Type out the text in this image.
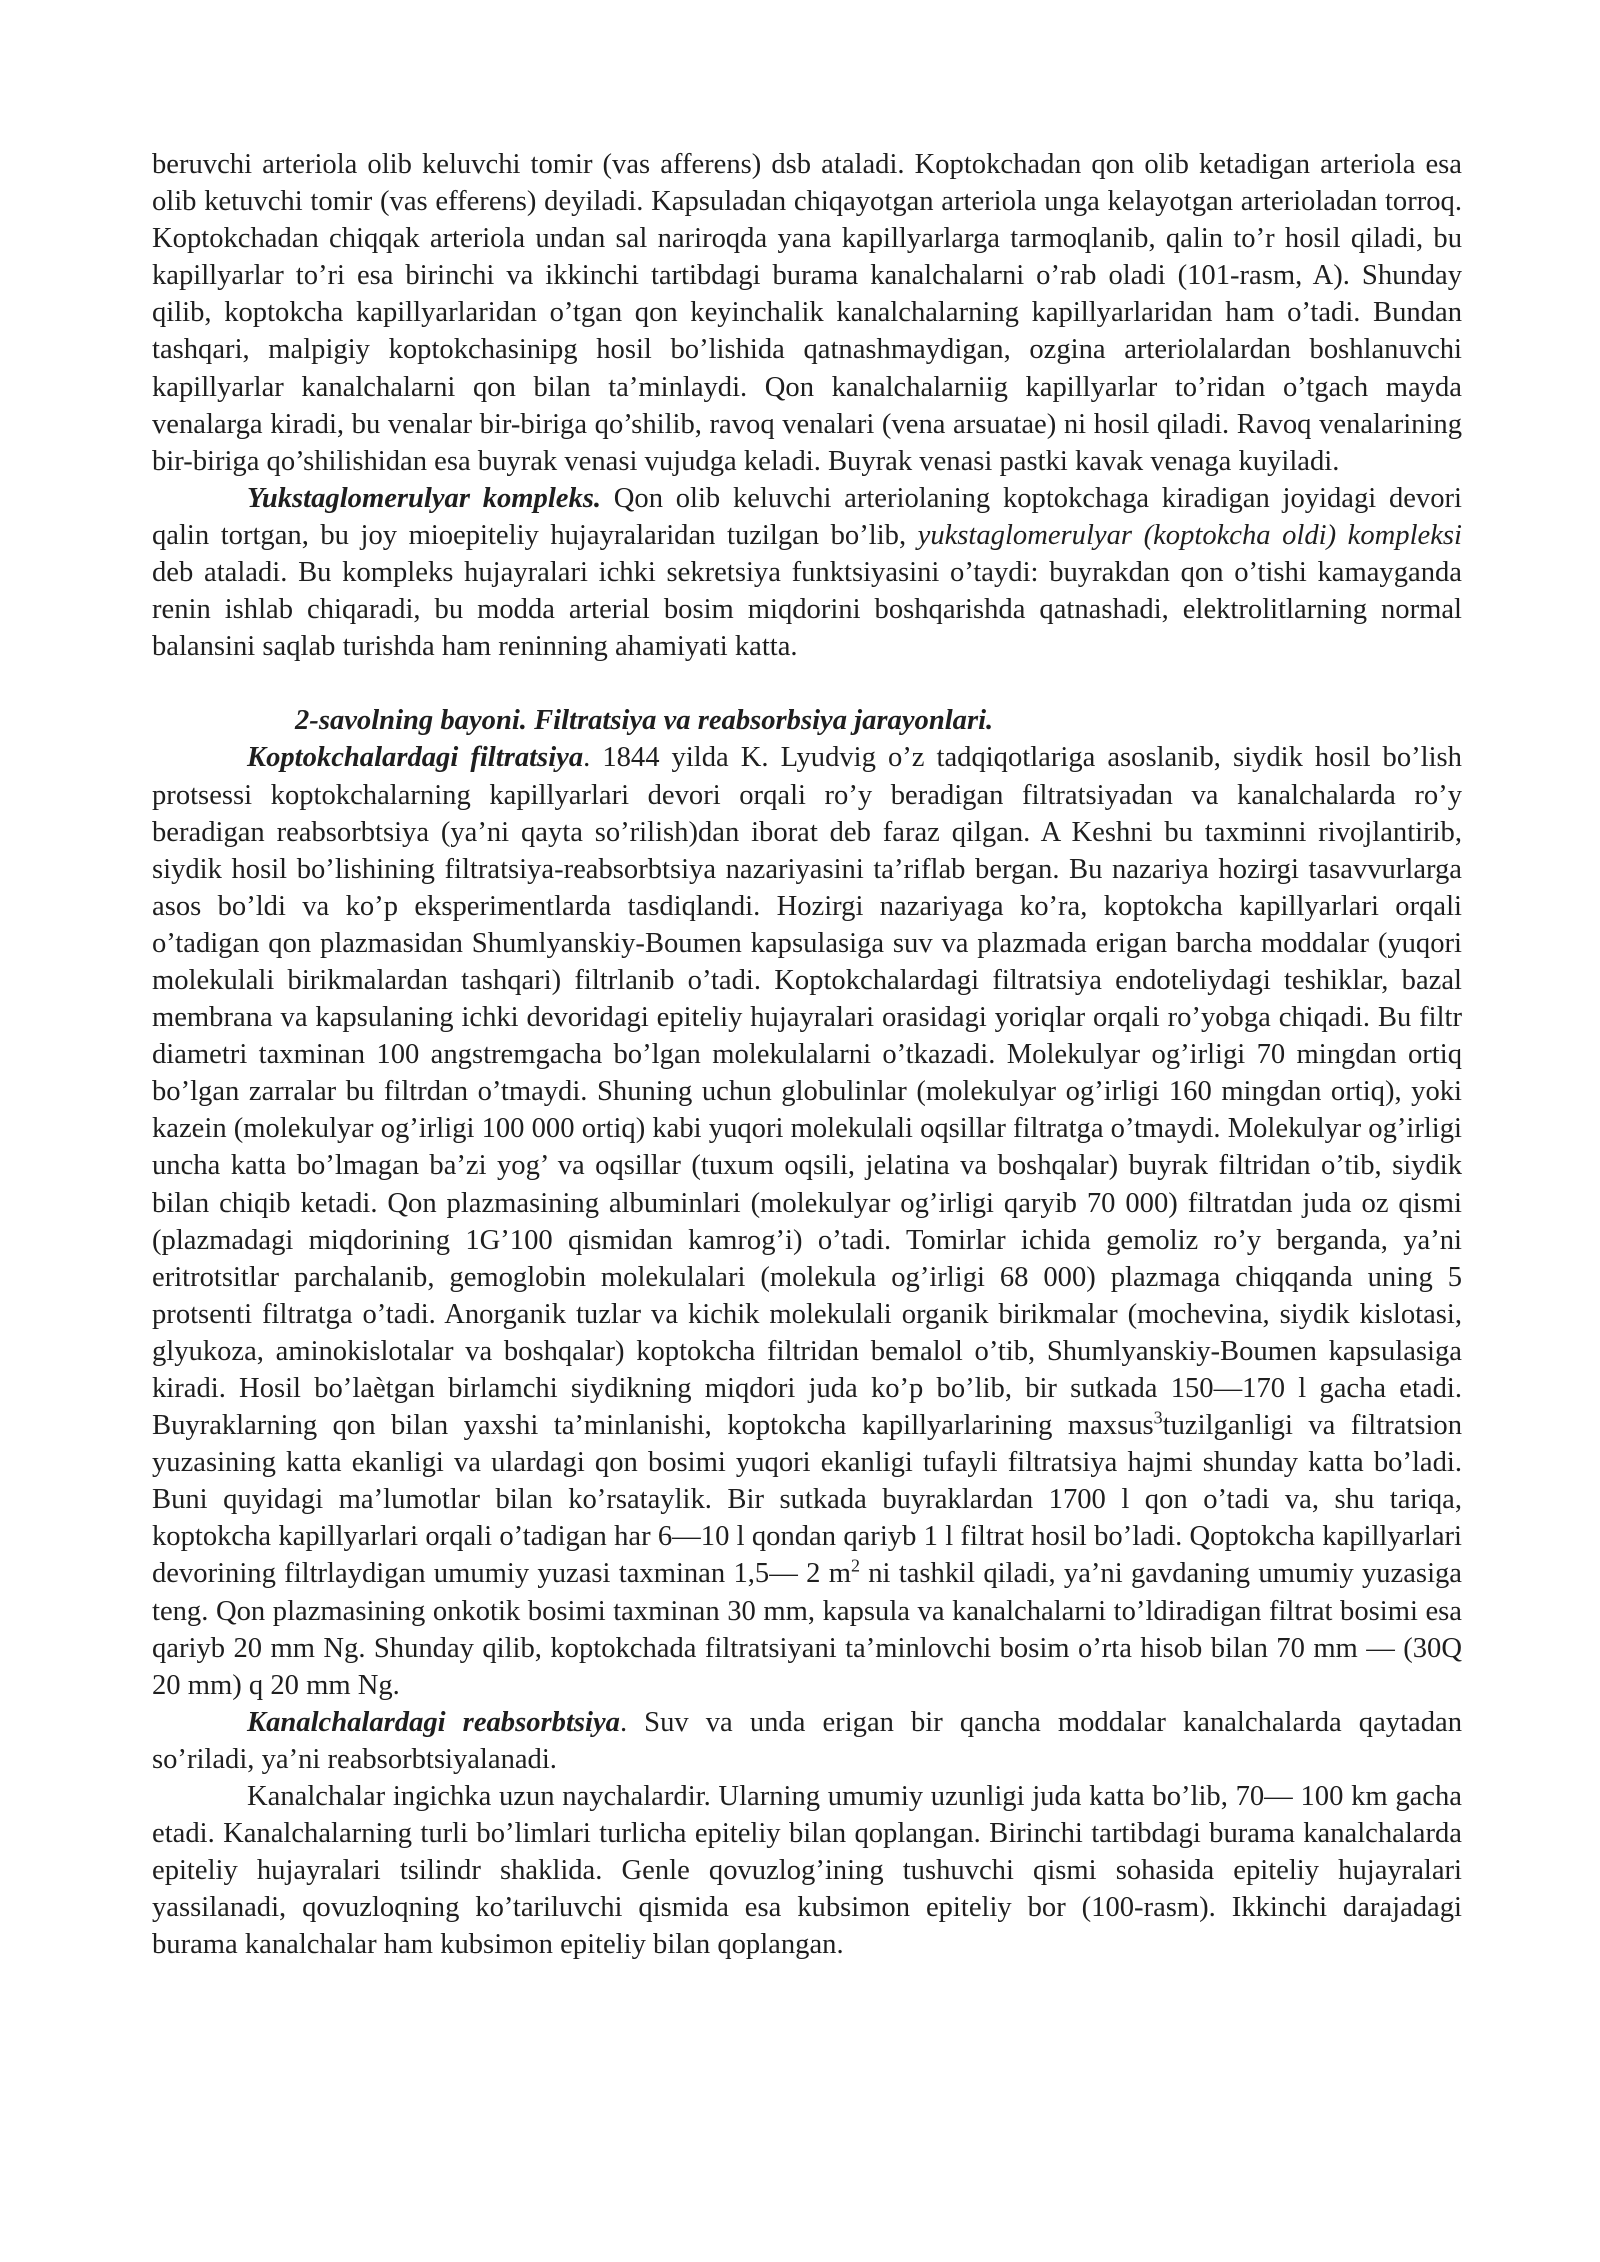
beruvchi arteriola olib keluvchi tomir (vas afferens) dsb ataladi. Koptokchadan qon olib ketadigan arteriola esa olib ketuvchi tomir (vas efferens) deyiladi. Kapsuladan chiqayotgan arteriola unga kelayotgan arterioladan torroq. Koptokchadan chiqqak arteriola undan sal nariroqda yana kapillyarlarga tarmoqlanib, qalin to’r hosil qiladi, bu kapillyarlar to’ri esa birinchi va ikkinchi tartibdagi burama kanalchalarni o’rab oladi (101-rasm, A). Shunday qilib, koptokcha kapillyarlaridan o’tgan qon keyinchalik kanalchalarning kapillyarlaridan ham o’tadi. Bundan tashqari, malpigiy koptokchasinipg hosil bo’lishida qatnashmaydigan, ozgina arteriolalardan boshlanuvchi kapillyarlar kanalchalarni qon bilan ta’minlaydi. Qon kanalchalarniig kapillyarlar to’ridan o’tgach mayda venalarga kiradi, bu venalar bir-biriga qo’shilib, ravoq venalari (vena arsuatae) ni hosil qiladi. Ravoq venalarining bir-biriga qo’shilishidan esa buyrak venasi vujudga keladi. Buyrak venasi pastki kavak venaga kuyiladi.

Yukstaglomerulyar kompleks. Qon olib keluvchi arteriolaning koptokchaga kiradigan joyidagi devori qalin tortgan, bu joy mioepiteliy hujayralaridan tuzilgan bo’lib, yukstaglomerulyar (koptokcha oldi) kompleksi deb ataladi. Bu kompleks hujayralari ichki sekretsiya funktsiyasini o’taydi: buyrakdan qon o’tishi kamayganda renin ishlab chiqaradi, bu modda arterial bosim miqdorini boshqarishda qatnashadi, elektrolitlarning normal balansini saqlab turishda ham reninning ahamiyati katta.

2-savolning bayoni. Filtratsiya va reabsorbsiya jarayonlari.

Koptokchalardagi filtratsiya. 1844 yilda K. Lyudvig o’z tadqiqotlariga asoslanib, siydik hosil bo’lish protsessi koptokchalarning kapillyarlari devori orqali ro’y beradigan filtratsiyadan va kanalchalarda ro’y beradigan reabsorbtsiya (ya’ni qayta so’rilish)dan iborat deb faraz qilgan. A Keshni bu taxminni rivojlantirib, siydik hosil bo’lishining filtratsiya-reabsorbtsiya nazariyasini ta’riflab bergan. Bu nazariya hozirgi tasavvurlarga asos bo’ldi va ko’p eksperimentlarda tasdiqlandi. Hozirgi nazariyaga ko’ra, koptokcha kapillyarlari orqali o’tadigan qon plazmasidan Shumlyanskiy-Boumen kapsulasiga suv va plazmada erigan barcha moddalar (yuqori molekulali birikmalardan tashqari) filtrlanib o’tadi. Koptokchalardagi filtratsiya endoteliydagi teshiklar, bazal membrana va kapsulaning ichki devoridagi epiteliy hujayralari orasidagi yoriqlar orqali ro’yobga chiqadi. Bu filtr diametri taxminan 100 angstremgacha bo’lgan molekulalarni o’tkazadi. Molekulyar og’irligi 70 mingdan ortiq bo’lgan zarralar bu filtrdan o’tmaydi. Shuning uchun globulinlar (molekulyar og’irligi 160 mingdan ortiq), yoki kazein (molekulyar og’irligi 100 000 ortiq) kabi yuqori molekulali oqsillar filtratga o’tmaydi. Molekulyar og’irligi uncha katta bo’lmagan ba’zi yog’ va oqsillar (tuxum oqsili, jelatina va boshqalar) buyrak filtridan o’tib, siydik bilan chiqib ketadi. Qon plazmasining albuminlari (molekulyar og’irligi qaryib 70 000) filtratdan juda oz qismi (plazmadagi miqdorining 1G’100 qismidan kamrog’i) o’tadi. Tomirlar ichida gemoliz ro’y berganda, ya’ni eritrotsitlar parchalanib, gemoglobin molekulalari (molekula og’irligi 68 000) plazmaga chiqqanda uning 5 protsenti filtratga o’tadi. Anorganik tuzlar va kichik molekulali organik birikmalar (mochevina, siydik kislotasi, glyukoza, aminokislotalar va boshqalar) koptokcha filtridan bemalol o’tib, Shumlyanskiy-Boumen kapsulasiga kiradi. Hosil bo’laètgan birlamchi siydikning miqdori juda ko’p bo’lib, bir sutkada 150—170 l gacha etadi. Buyraklarning qon bilan yaxshi ta’minlanishi, koptokcha kapillyarlarining maxsus$^3$tuzilganligi va filtratsion yuzasining katta ekanligi va ulardagi qon bosimi yuqori ekanligi tufayli filtratsiya hajmi shunday katta bo’ladi. Buni quyidagi ma’lumotlar bilan ko’rsataylik. Bir sutkada buyraklardan 1700 l qon o’tadi va, shu tariqa, koptokcha kapillyarlari orqali o’tadigan har 6—10 l qondan qariyb 1 l filtrat hosil bo’ladi. Qoptokcha kapillyarlari devorining filtrlaydigan umumiy yuzasi taxminan 1,5— 2 $m^2$ ni tashkil qiladi, ya’ni gavdaning umumiy yuzasiga teng. Qon plazmasining onkotik bosimi taxminan 30 mm, kapsula va kanalchalarni to’ldiradigan filtrat bosimi esa qariyb 20 mm Ng. Shunday qilib, koptokchada filtratsiyani ta’minlovchi bosim o’rta hisob bilan 70 mm — (30Q 20 mm) q 20 mm Ng.

Kanalchalardagi reabsorbtsiya. Suv va unda erigan bir qancha moddalar kanalchalarda qaytadan so’riladi, ya’ni reabsorbtsiyalanadi.

Kanalchalar ingichka uzun naychalardir. Ularning umumiy uzunligi juda katta bo’lib, 70— 100 km gacha etadi. Kanalchalarning turli bo’limlari turlicha epiteliy bilan qoplangan. Birinchi tartibdagi burama kanalchalarda epiteliy hujayralari tsilindr shaklida. Genle qovuzlog’ining tushuvchi qismi sohasida epiteliy hujayralari yassilanadi, qovuzloqning ko’tariluvchi qismida esa kubsimon epiteliy bor (100-rasm). Ikkinchi darajadagi burama kanalchalar ham kubsimon epiteliy bilan qoplangan.
